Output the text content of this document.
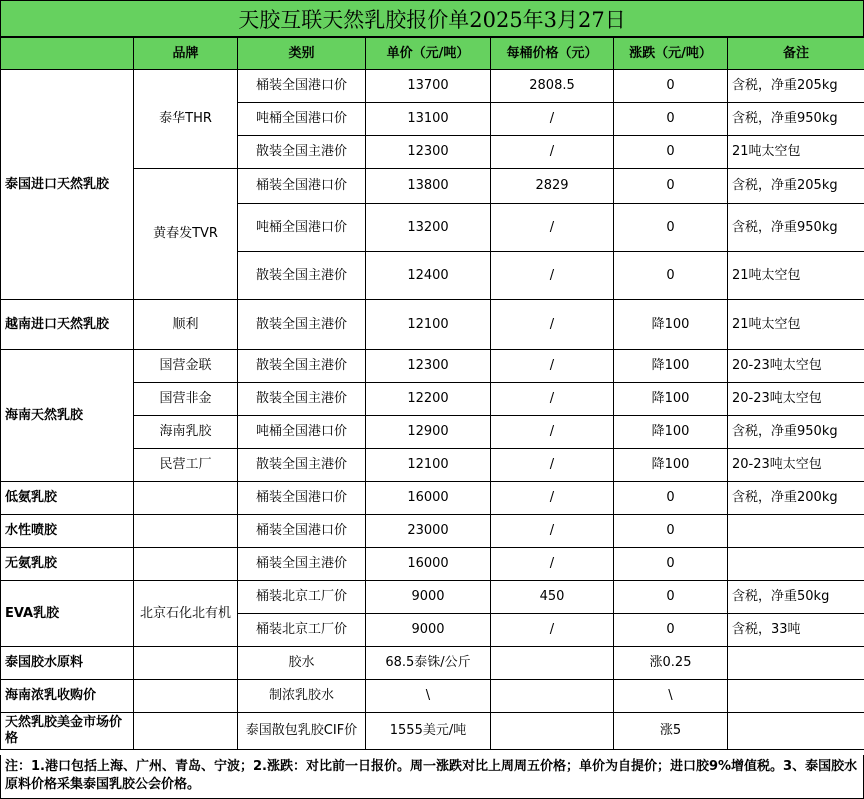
天胶互联天然乳胶报价单2025年3月27日
	品牌	类别	单价（元/吨）	每桶价格（元）	涨跌（元/吨）	备注
泰国进口天然乳胶	泰华THR	桶装全国港口价	13700	2808.5	0	含税，净重205kg
		吨桶全国港口价	13100	/	0	含税，净重950kg
		散装全国主港价	12300	/	0	21吨太空包
	黄春发TVR	桶装全国港口价	13800	2829	0	含税，净重205kg
		吨桶全国港口价	13200	/	0	含税，净重950kg
		散装全国主港价	12400	/	0	21吨太空包
越南进口天然乳胶	顺利	散装全国主港价	12100	/	降100	21吨太空包
海南天然乳胶	国营金联	散装全国主港价	12300	/	降100	20-23吨太空包
	国营非金	散装全国主港价	12200	/	降100	20-23吨太空包
	海南乳胶	吨桶全国港口价	12900	/	降100	含税，净重950kg
	民营工厂	散装全国主港价	12100	/	降100	20-23吨太空包
低氨乳胶		桶装全国港口价	16000	/	0	含税，净重200kg
水性喷胶		桶装全国港口价	23000	/	0	
无氨乳胶		桶装全国主港价	16000	/	0	
EVA乳胶	北京石化北有机	桶装北京工厂价	9000	450	0	含税，净重50kg
		桶装北京工厂价	9000	/	0	含税，33吨
泰国胶水原料		胶水	68.5泰铢/公斤		涨0.25	
海南浓乳收购价		制浓乳胶水	\		\	
天然乳胶美金市场价格		泰国散包乳胶CIF价	1555美元/吨		涨5	
注：1.港口包括上海、广州、青岛、宁波；2.涨跌：对比前一日报价。周一涨跌对比上周周五价格；单价为自提价；进口胶9%增值税。3、泰国胶水原料价格采集泰国乳胶公会价格。
